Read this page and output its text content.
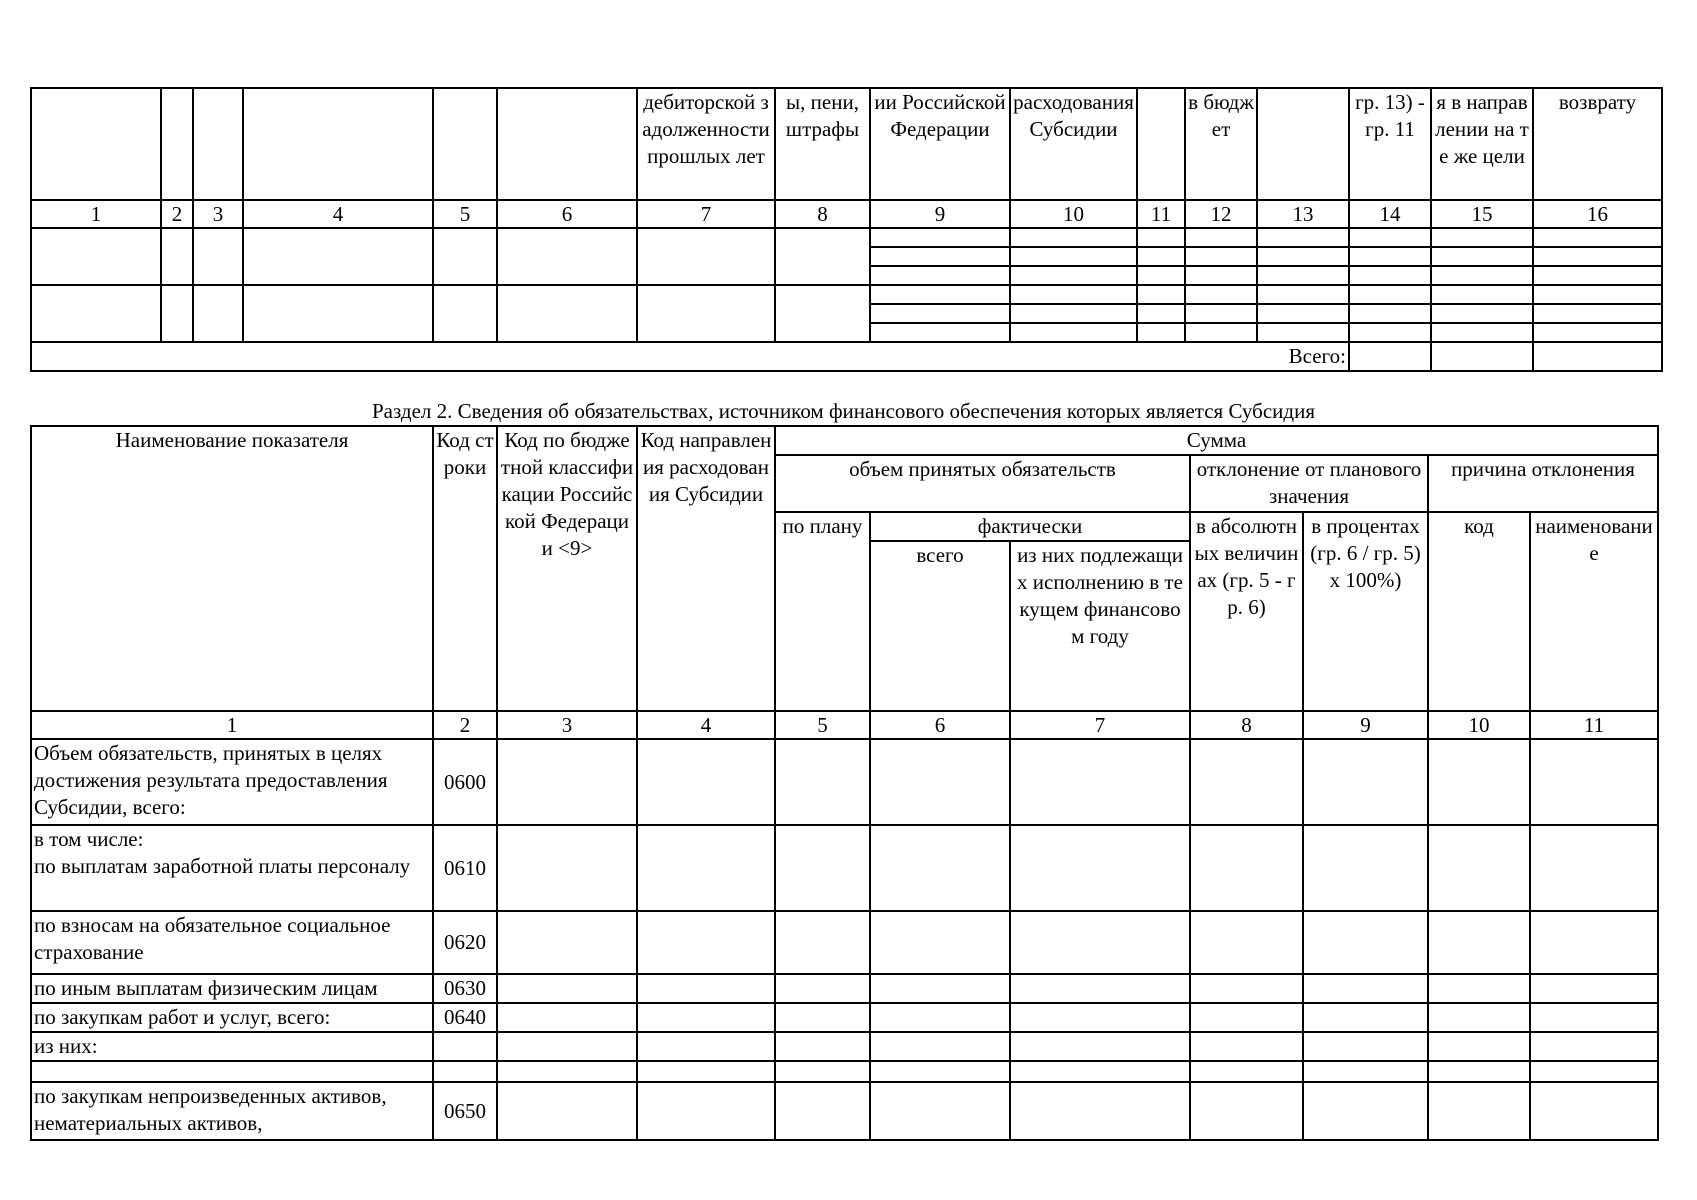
						дебиторской задолженности прошлых лет	ы, пени, штрафы	ии Российской Федерации	расходования Субсидии		в бюджет		гр. 13) - гр. 11	я в направлении на те же цели	возврату
1	2	3	4	5	6	7	8	9	10	11	12	13	14	15	16

Всего:															
Раздел 2. Сведения об обязательствах, источником финансового обеспечения которых является Субсидия
Наименование показателя	Код строки	Код по бюджетной классификации Российской Федерации <9>	Код направления расходования Субсидии	Сумма						
				объем принятых обязательств			отклонение от планового значения		причина отклонения	
				по плану	фактически		в абсолютных величинах (гр. 5 - гр. 6)	в процентах (гр. 6 / гр. 5) x 100%)	код	наименование
					всего	из них подлежащих исполнению в текущем финансовом году				

1	2	3	4	5	6	7	8	9	10	11
Объем обязательств, принятых в целях достижения результата предоставления Субсидии, всего:	0600									
в том числе:
по выплатам заработной платы персоналу	0610									
по взносам на обязательное социальное страхование	0620									
по иным выплатам физическим лицам	0630									
по закупкам работ и услуг, всего:	0640									
из них:										

по закупкам непроизведенных активов, нематериальных активов,	0650									
